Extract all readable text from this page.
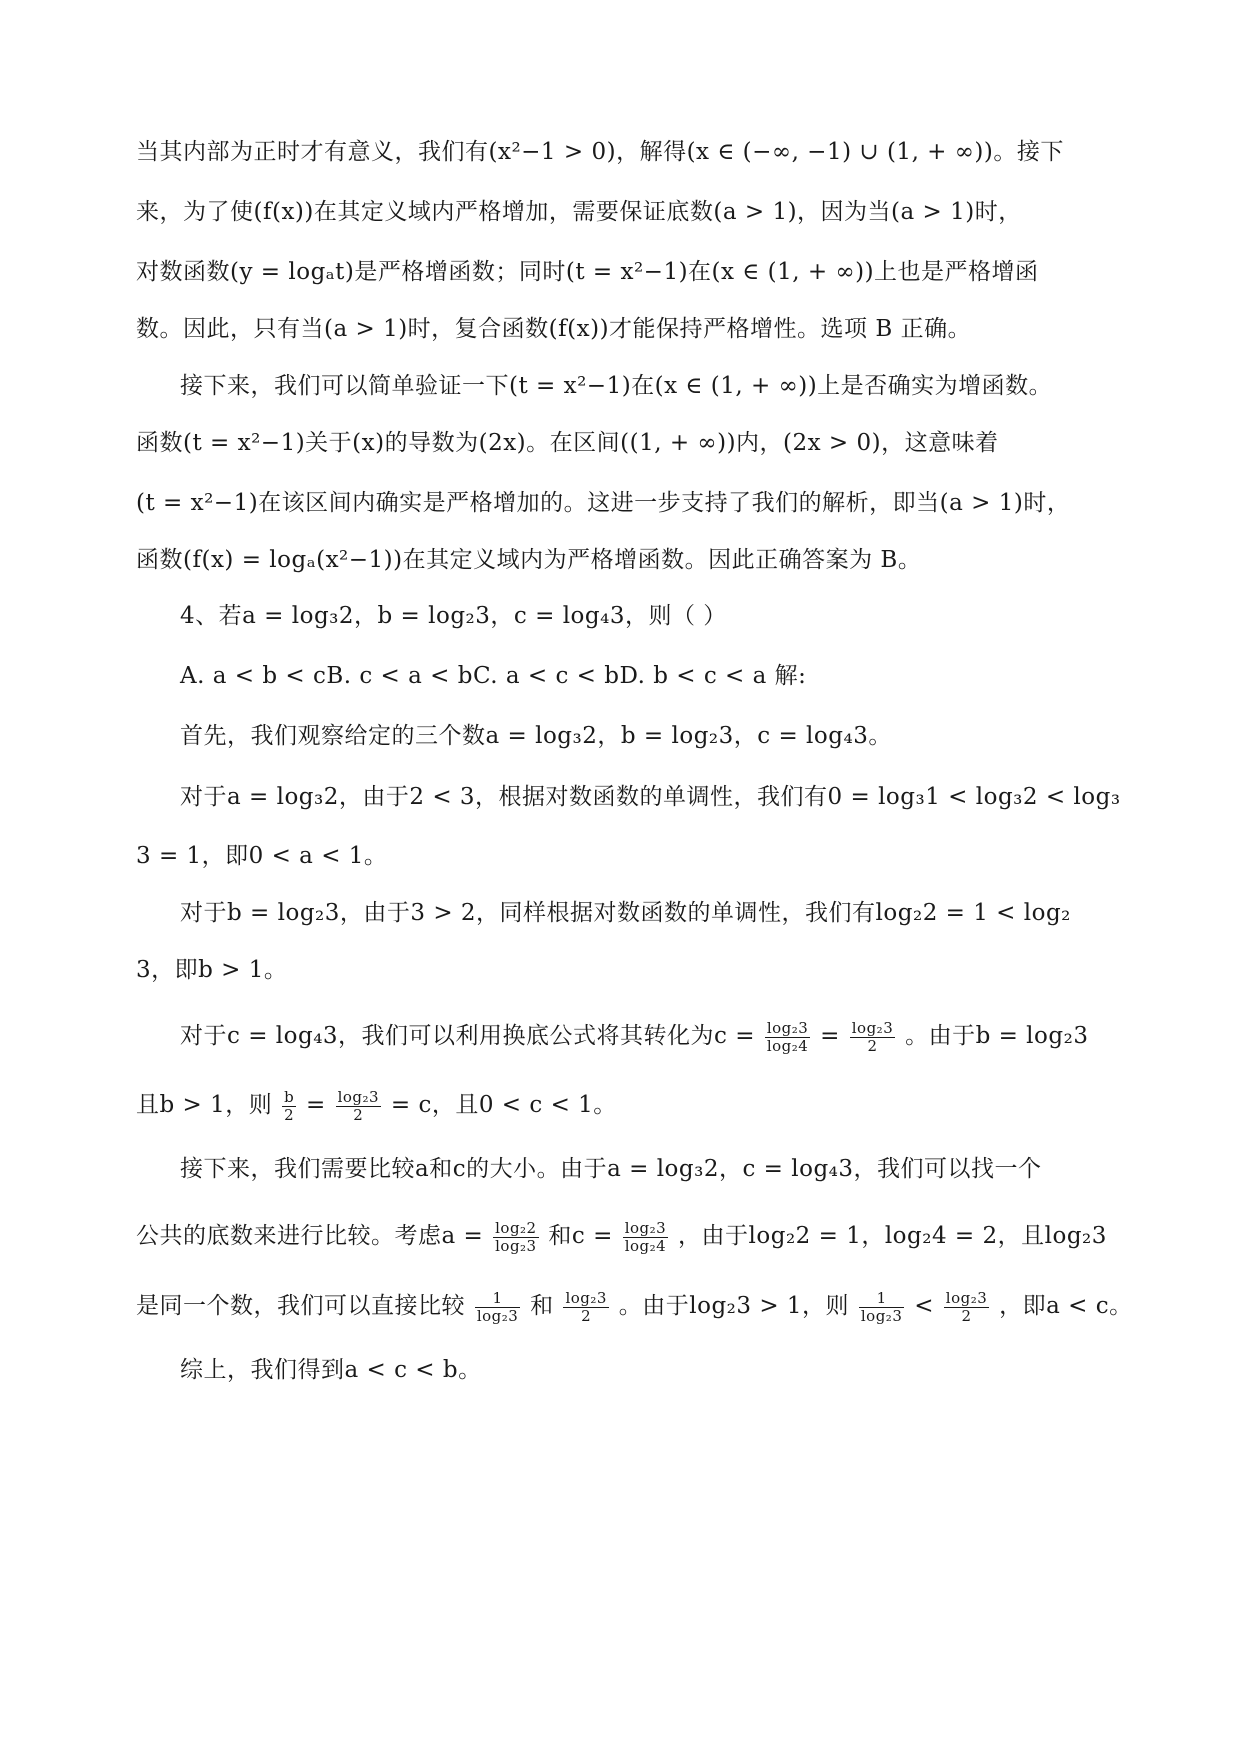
当其内部为正时才有意义，我们有(x²−1 > 0)，解得(x ∈ (−∞, −1) ∪ (1, + ∞))。接下
来，为了使(f(x))在其定义域内严格增加，需要保证底数(a > 1)，因为当(a > 1)时，
对数函数(y = logₐt)是严格增函数；同时(t = x²−1)在(x ∈ (1, + ∞))上也是严格增函
数。因此，只有当(a > 1)时，复合函数(f(x))才能保持严格增性。选项 B 正确。
接下来，我们可以简单验证一下(t = x²−1)在(x ∈ (1, + ∞))上是否确实为增函数。
函数(t = x²−1)关于(x)的导数为(2x)。在区间((1, + ∞))内，(2x > 0)，这意味着
(t = x²−1)在该区间内确实是严格增加的。这进一步支持了我们的解析，即当(a > 1)时，
函数(f(x) = logₐ(x²−1))在其定义域内为严格增函数。因此正确答案为 B。
4、若a = log₃2，b = log₂3，c = log₄3，则（ ）
A. a < b < cB. c < a < bC. a < c < bD. b < c < a 解:
首先，我们观察给定的三个数a = log₃2，b = log₂3，c = log₄3。
对于a = log₃2，由于2 < 3，根据对数函数的单调性，我们有0 = log₃1 < log₃2 < log₃
3 = 1，即0 < a < 1。
对于b = log₂3，由于3 > 2，同样根据对数函数的单调性，我们有log₂2 = 1 < log₂
3，即b > 1。
对于c = log₄3，我们可以利用换底公式将其转化为$c = \frac{\text{log₂3}}{\text{log₂4}} = \frac{\text{log₂3}}{2}$ 。由于b = log₂3
且b > 1，则 $\frac{b}{2} = \frac{\text{log₂3}}{2} = c$，且0 < c < 1。
接下来，我们需要比较a和c的大小。由于a = log₃2，c = log₄3，我们可以找一个
公共的底数来进行比较。考虑$a = \frac{\text{log₂2}}{\text{log₂3}}$ 和$c = \frac{\text{log₂3}}{\text{log₂4}}$ ，由于log₂2 = 1，log₂4 = 2，且log₂3
是同一个数，我们可以直接比较 $\frac{1}{\text{log₂3}}$ 和 $\frac{\text{log₂3}}{2}$ 。由于log₂3 > 1，则 $\frac{1}{\text{log₂3}} < \frac{\text{log₂3}}{2}$ ，即a < c。
综上，我们得到a < c < b。
